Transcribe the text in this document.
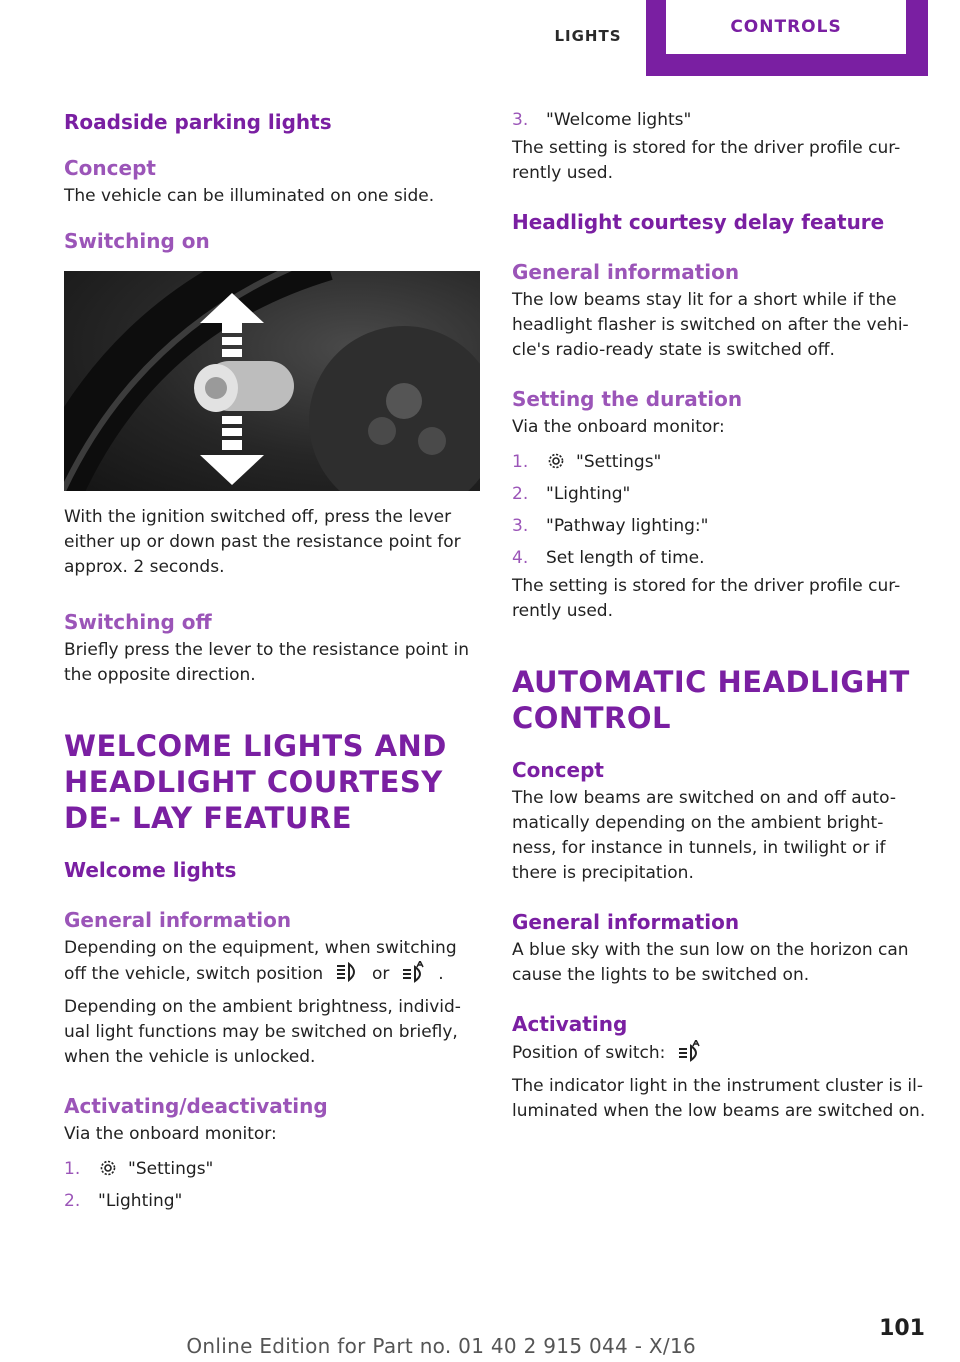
LIGHTS	CONTROLS
Roadside parking lights
Concept

The vehicle can be illuminated on one side.

Switching on

With the ignition switched off, press the lever either up or down past the resistance point for approx. 2 seconds.

Switching off

Briefly press the lever to the resistance point in the opposite direction.

WELCOME LIGHTS AND HEADLIGHT COURTESY DE- LAY FEATURE
Welcome lights
General information

Depending on the equipment, when switching off the vehicle, switch position	or	.

Depending on the ambient brightness, individ- ual light functions may be switched on briefly, when the vehicle is unlocked.

Activating/deactivating

Via the onboard monitor:

1.	"Settings"
2.	"Lighting"
3.	"Welcome lights"

The setting is stored for the driver profile cur- rently used.

Headlight courtesy delay feature
General information

The low beams stay lit for a short while if the headlight flasher is switched on after the vehi- cle's radio-ready state is switched off.

Setting the duration

Via the onboard monitor:

1.	"Settings"
2.	"Lighting"
3.	"Pathway lighting:"
4.	Set length of time.

The setting is stored for the driver profile cur- rently used.

AUTOMATIC HEADLIGHT CONTROL
Concept

The low beams are switched on and off auto- matically depending on the ambient bright- ness, for instance in tunnels, in twilight or if there is precipitation.

General information

A blue sky with the sun low on the horizon can cause the lights to be switched on.

Activating

Position of switch:

The indicator light in the instrument cluster is il- luminated when the low beams are switched on.

101
Online Edition for Part no. 01 40 2 915 044 - X/16
